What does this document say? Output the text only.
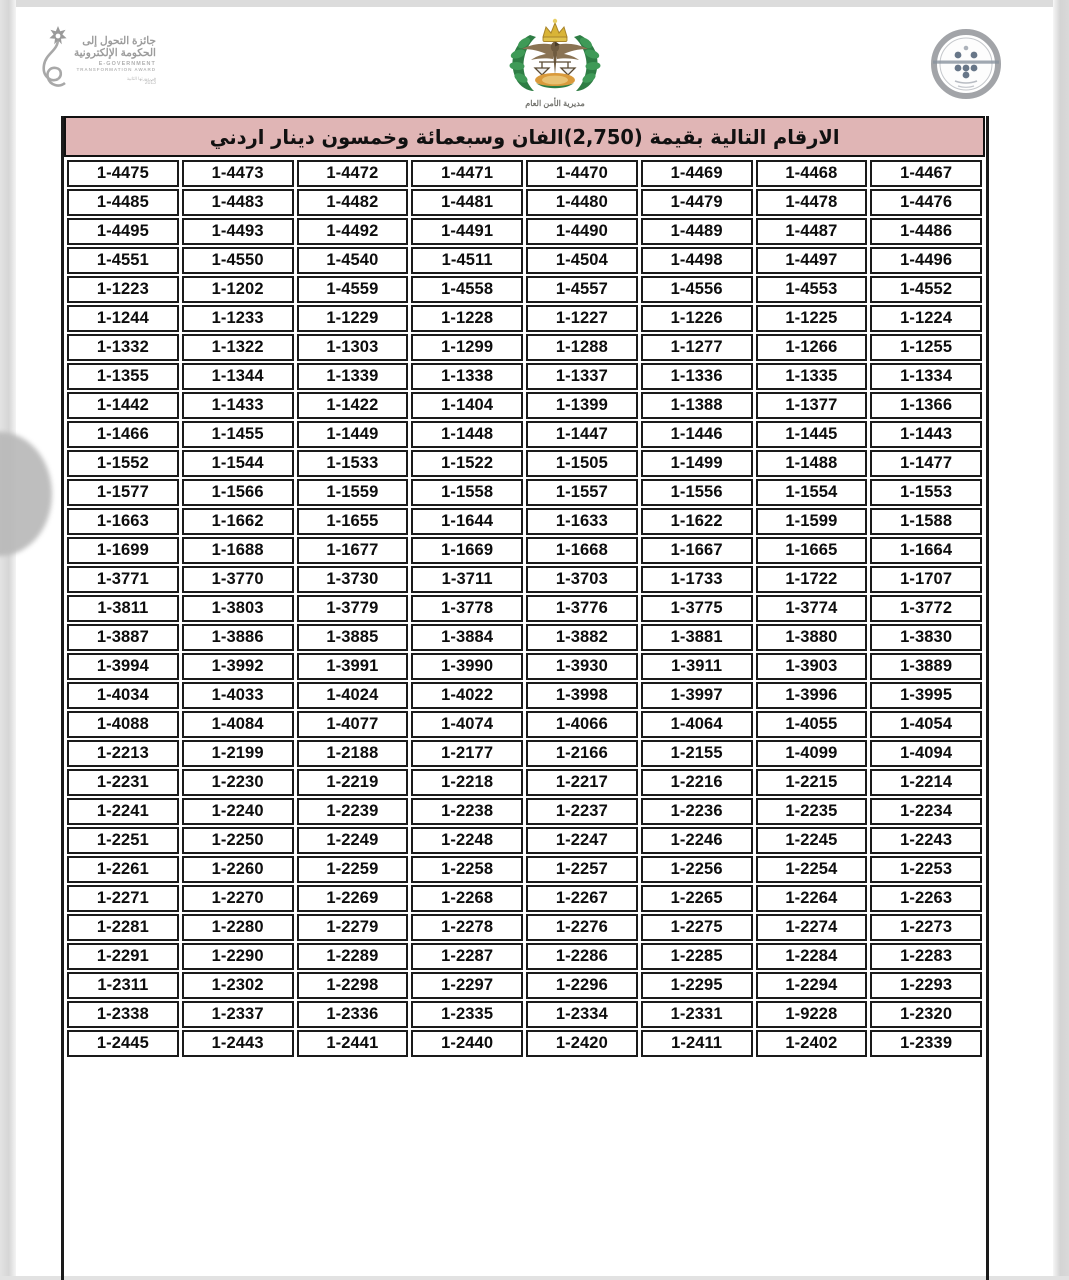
جائزة التحول إلى
الحكومة الإلكترونية
E-GOVERNMENT
TRANSFORMATION AWARD
في دورتها الثانية
2013
مديرية الأمن العام
الارقام التالية بقيمة (2,750)الفان وسبعمائة وخمسون دينار اردني
1-4475	1-4473	1-4472	1-4471	1-4470	1-4469	1-4468	1-4467
1-4485	1-4483	1-4482	1-4481	1-4480	1-4479	1-4478	1-4476
1-4495	1-4493	1-4492	1-4491	1-4490	1-4489	1-4487	1-4486
1-4551	1-4550	1-4540	1-4511	1-4504	1-4498	1-4497	1-4496
1-1223	1-1202	1-4559	1-4558	1-4557	1-4556	1-4553	1-4552
1-1244	1-1233	1-1229	1-1228	1-1227	1-1226	1-1225	1-1224
1-1332	1-1322	1-1303	1-1299	1-1288	1-1277	1-1266	1-1255
1-1355	1-1344	1-1339	1-1338	1-1337	1-1336	1-1335	1-1334
1-1442	1-1433	1-1422	1-1404	1-1399	1-1388	1-1377	1-1366
1-1466	1-1455	1-1449	1-1448	1-1447	1-1446	1-1445	1-1443
1-1552	1-1544	1-1533	1-1522	1-1505	1-1499	1-1488	1-1477
1-1577	1-1566	1-1559	1-1558	1-1557	1-1556	1-1554	1-1553
1-1663	1-1662	1-1655	1-1644	1-1633	1-1622	1-1599	1-1588
1-1699	1-1688	1-1677	1-1669	1-1668	1-1667	1-1665	1-1664
1-3771	1-3770	1-3730	1-3711	1-3703	1-1733	1-1722	1-1707
1-3811	1-3803	1-3779	1-3778	1-3776	1-3775	1-3774	1-3772
1-3887	1-3886	1-3885	1-3884	1-3882	1-3881	1-3880	1-3830
1-3994	1-3992	1-3991	1-3990	1-3930	1-3911	1-3903	1-3889
1-4034	1-4033	1-4024	1-4022	1-3998	1-3997	1-3996	1-3995
1-4088	1-4084	1-4077	1-4074	1-4066	1-4064	1-4055	1-4054
1-2213	1-2199	1-2188	1-2177	1-2166	1-2155	1-4099	1-4094
1-2231	1-2230	1-2219	1-2218	1-2217	1-2216	1-2215	1-2214
1-2241	1-2240	1-2239	1-2238	1-2237	1-2236	1-2235	1-2234
1-2251	1-2250	1-2249	1-2248	1-2247	1-2246	1-2245	1-2243
1-2261	1-2260	1-2259	1-2258	1-2257	1-2256	1-2254	1-2253
1-2271	1-2270	1-2269	1-2268	1-2267	1-2265	1-2264	1-2263
1-2281	1-2280	1-2279	1-2278	1-2276	1-2275	1-2274	1-2273
1-2291	1-2290	1-2289	1-2287	1-2286	1-2285	1-2284	1-2283
1-2311	1-2302	1-2298	1-2297	1-2296	1-2295	1-2294	1-2293
1-2338	1-2337	1-2336	1-2335	1-2334	1-2331	1-9228	1-2320
1-2445	1-2443	1-2441	1-2440	1-2420	1-2411	1-2402	1-2339
